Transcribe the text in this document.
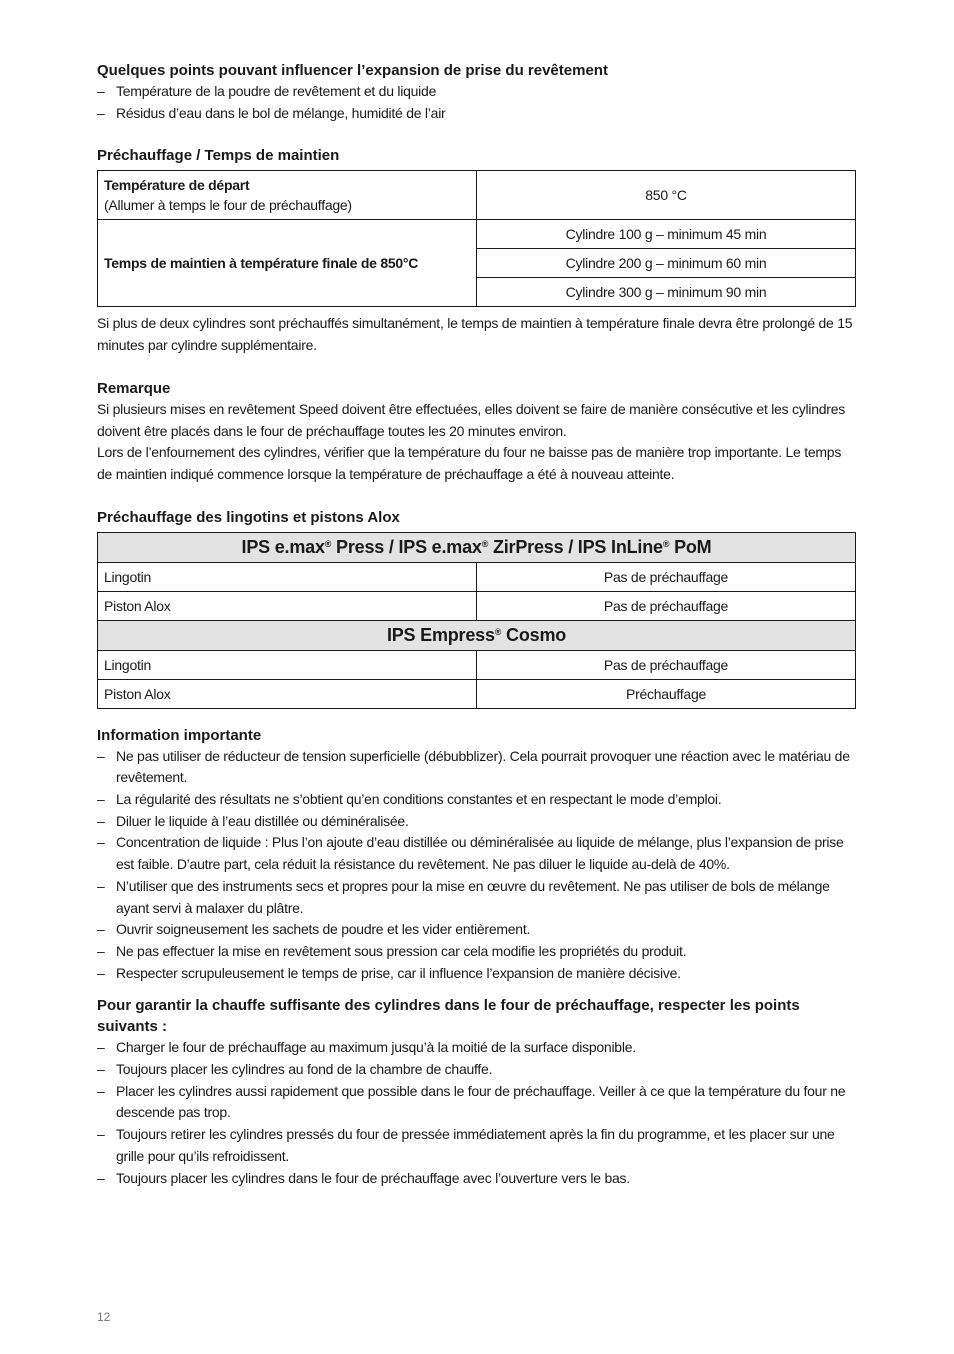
Quelques points pouvant influencer l’expansion de prise du revêtement

– Température de la poudre de revêtement et du liquide
– Résidus d’eau dans le bol de mélange, humidité de l’air

Préchauffage / Temps de maintien

Température de départ
(Allumer à temps le four de préchauffage)	850 °C
Temps de maintien à température finale de 850°C	Cylindre 100 g – minimum 45 min
	Cylindre 200 g – minimum 60 min
	Cylindre 300 g – minimum 90 min

Si plus de deux cylindres sont préchauffés simultanément, le temps de maintien à température finale devra être prolongé de 15 minutes par cylindre supplémentaire.

Remarque

Si plusieurs mises en revêtement Speed doivent être effectuées, elles doivent se faire de manière consécutive et les cylindres doivent être placés dans le four de préchauffage toutes les 20 minutes environ.

Lors de l’enfournement des cylindres, vérifier que la température du four ne baisse pas de manière trop importante. Le temps de maintien indiqué commence lorsque la température de préchauffage a été à nouveau atteinte.

Préchauffage des lingotins et pistons Alox

IPS e.max® Press / IPS e.max® ZirPress / IPS InLine® PoM	
Lingotin	Pas de préchauffage
Piston Alox	Pas de préchauffage
IPS Empress® Cosmo	
Lingotin	Pas de préchauffage
Piston Alox	Préchauffage

Information importante

– Ne pas utiliser de réducteur de tension superficielle (débubblizer). Cela pourrait provoquer une réaction avec le matériau de revêtement.
– La régularité des résultats ne s’obtient qu’en conditions constantes et en respectant le mode d’emploi.
– Diluer le liquide à l’eau distillée ou déminéralisée.
– Concentration de liquide : Plus l’on ajoute d’eau distillée ou déminéralisée au liquide de mélange, plus l’expansion de prise est faible. D’autre part, cela réduit la résistance du revêtement. Ne pas diluer le liquide au-delà de 40%.
– N’utiliser que des instruments secs et propres pour la mise en œuvre du revêtement. Ne pas utiliser de bols de mélange ayant servi à malaxer du plâtre.
– Ouvrir soigneusement les sachets de poudre et les vider entièrement.
– Ne pas effectuer la mise en revêtement sous pression car cela modifie les propriétés du produit.
– Respecter scrupuleusement le temps de prise, car il influence l’expansion de manière décisive.

Pour garantir la chauffe suffisante des cylindres dans le four de préchauffage, respecter les points suivants :

– Charger le four de préchauffage au maximum jusqu’à la moitié de la surface disponible.
– Toujours placer les cylindres au fond de la chambre de chauffe.
– Placer les cylindres aussi rapidement que possible dans le four de préchauffage. Veiller à ce que la température du four ne descende pas trop.
– Toujours retirer les cylindres pressés du four de pressée immédiatement après la fin du programme, et les placer sur une grille pour qu’ils refroidissent.
– Toujours placer les cylindres dans le four de préchauffage avec l’ouverture vers le bas.
12
